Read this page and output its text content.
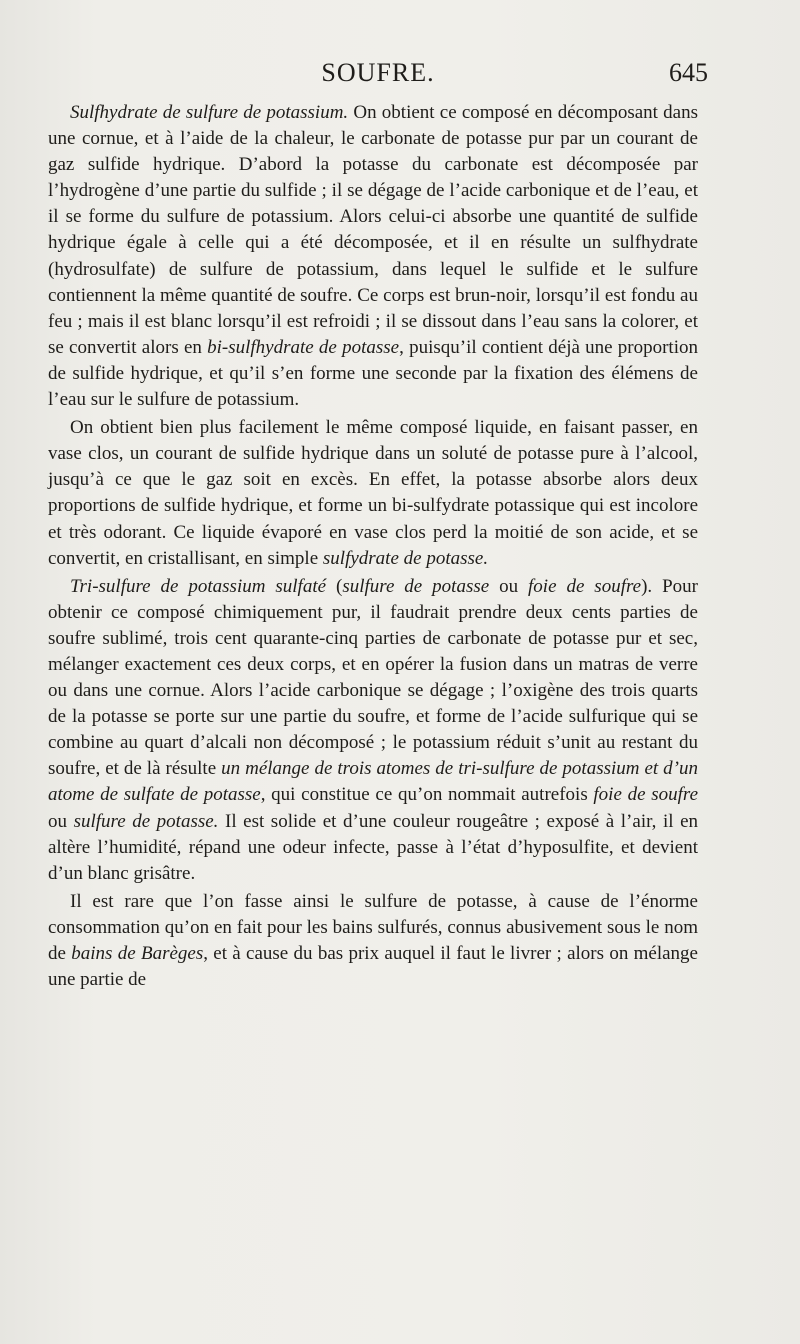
SOUFRE.	645

Sulfhydrate de sulfure de potassium. On obtient ce composé en décomposant dans une cornue, et à l’aide de la chaleur, le carbonate de potasse pur par un courant de gaz sulfide hydrique. D’abord la potasse du carbonate est décomposée par l’hydrogène d’une partie du sulfide ; il se dégage de l’acide carbonique et de l’eau, et il se forme du sulfure de potassium. Alors celui-ci absorbe une quantité de sulfide hydrique égale à celle qui a été décomposée, et il en résulte un sulfhydrate (hydrosulfate) de sulfure de potassium, dans lequel le sulfide et le sulfure contiennent la même quantité de soufre. Ce corps est brun-noir, lorsqu’il est fondu au feu ; mais il est blanc lorsqu’il est refroidi ; il se dissout dans l’eau sans la colorer, et se convertit alors en bi-sulfhydrate de potasse, puisqu’il contient déjà une proportion de sulfide hydrique, et qu’il s’en forme une seconde par la fixation des élémens de l’eau sur le sulfure de potassium.

On obtient bien plus facilement le même composé liquide, en faisant passer, en vase clos, un courant de sulfide hydrique dans un soluté de potasse pure à l’alcool, jusqu’à ce que le gaz soit en excès. En effet, la potasse absorbe alors deux proportions de sulfide hydrique, et forme un bi-sulfydrate potassique qui est incolore et très odorant. Ce liquide évaporé en vase clos perd la moitié de son acide, et se convertit, en cristallisant, en simple sulfydrate de potasse.

Tri-sulfure de potassium sulfaté (sulfure de potasse ou foie de soufre). Pour obtenir ce composé chimiquement pur, il faudrait prendre deux cents parties de soufre sublimé, trois cent quarante-cinq parties de carbonate de potasse pur et sec, mélanger exactement ces deux corps, et en opérer la fusion dans un matras de verre ou dans une cornue. Alors l’acide carbonique se dégage ; l’oxigène des trois quarts de la potasse se porte sur une partie du soufre, et forme de l’acide sulfurique qui se combine au quart d’alcali non décomposé ; le potassium réduit s’unit au restant du soufre, et de là résulte un mélange de trois atomes de tri-sulfure de potassium et d’un atome de sulfate de potasse, qui constitue ce qu’on nommait autrefois foie de soufre ou sulfure de potasse. Il est solide et d’une couleur rougeâtre ; exposé à l’air, il en altère l’humidité, répand une odeur infecte, passe à l’état d’hyposulfite, et devient d’un blanc grisâtre.

Il est rare que l’on fasse ainsi le sulfure de potasse, à cause de l’énorme consommation qu’on en fait pour les bains sulfurés, connus abusivement sous le nom de bains de Barèges, et à cause du bas prix auquel il faut le livrer ; alors on mélange une partie de
